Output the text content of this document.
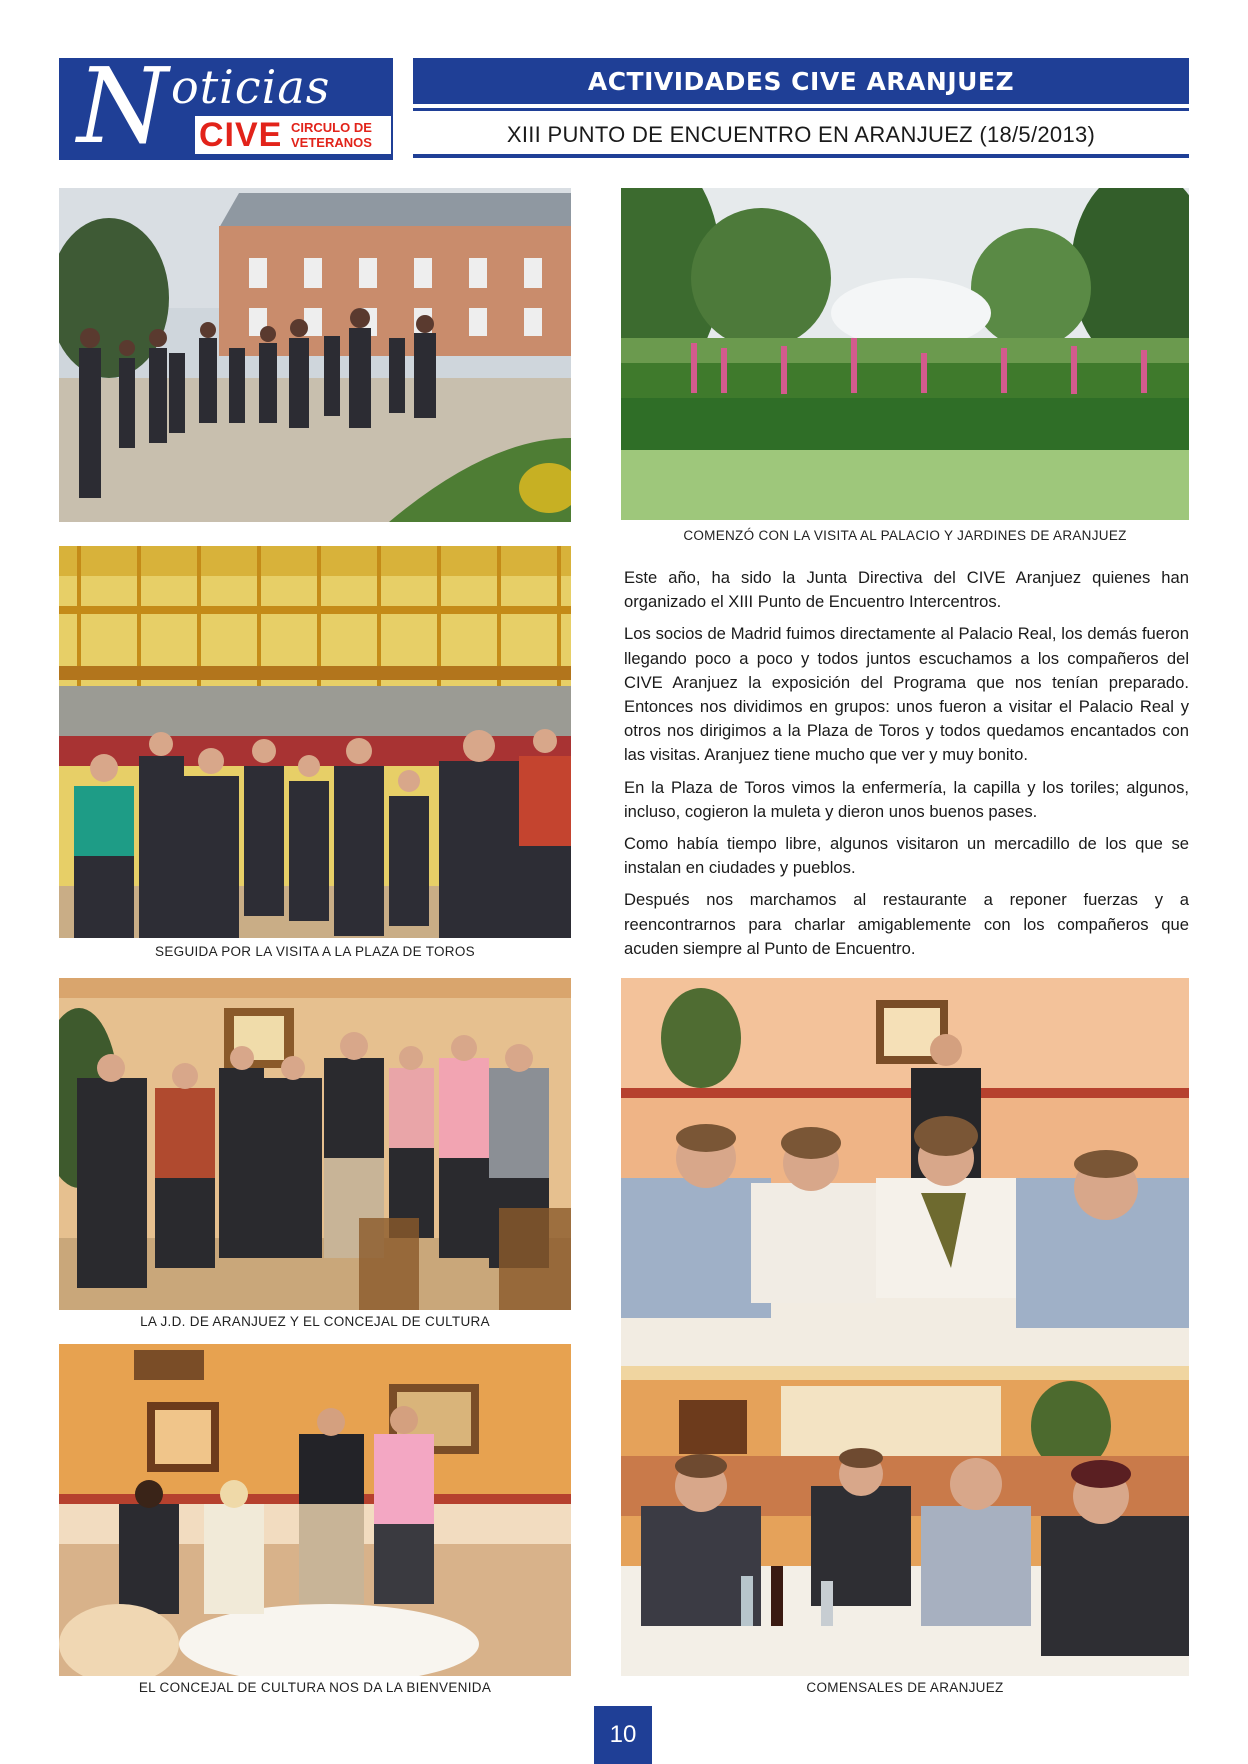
N oticias
CIVE CIRCULO DE
VETERANOS
ACTIVIDADES CIVE ARANJUEZ
XIII PUNTO DE ENCUENTRO EN ARANJUEZ (18/5/2013)
COMENZÓ CON LA VISITA AL PALACIO Y JARDINES DE ARANJUEZ
SEGUIDA POR LA VISITA A LA PLAZA DE TOROS

Este año, ha sido la Junta Directiva del CIVE Aranjuez quienes han organizado el XIII Punto de Encuentro Intercentros.

Los socios de Madrid fuimos directamente al Palacio Real, los demás fueron llegando poco a poco y todos juntos escuchamos a los compañeros del CIVE Aranjuez la exposición del Programa que nos tenían preparado. Entonces nos dividimos en grupos: unos fueron a visitar el Palacio Real y otros nos dirigimos a la Plaza de Toros y todos quedamos encantados con las visitas. Aranjuez tiene mucho que ver y muy bonito.

En la Plaza de Toros vimos la enfermería, la capilla y los toriles; algunos, incluso, cogieron la muleta y dieron unos buenos pases.

Como había tiempo libre, algunos visitaron un mercadillo de los que se instalan en ciudades y pueblos.

Después nos marchamos al restaurante a reponer fuerzas y a reencontrarnos para charlar amigablemente con los compañeros que acuden siempre al Punto de Encuentro.

LA J.D. DE ARANJUEZ Y EL CONCEJAL DE CULTURA
EL CONCEJAL DE CULTURA NOS DA LA BIENVENIDA	COMENSALES DE ARANJUEZ
10
